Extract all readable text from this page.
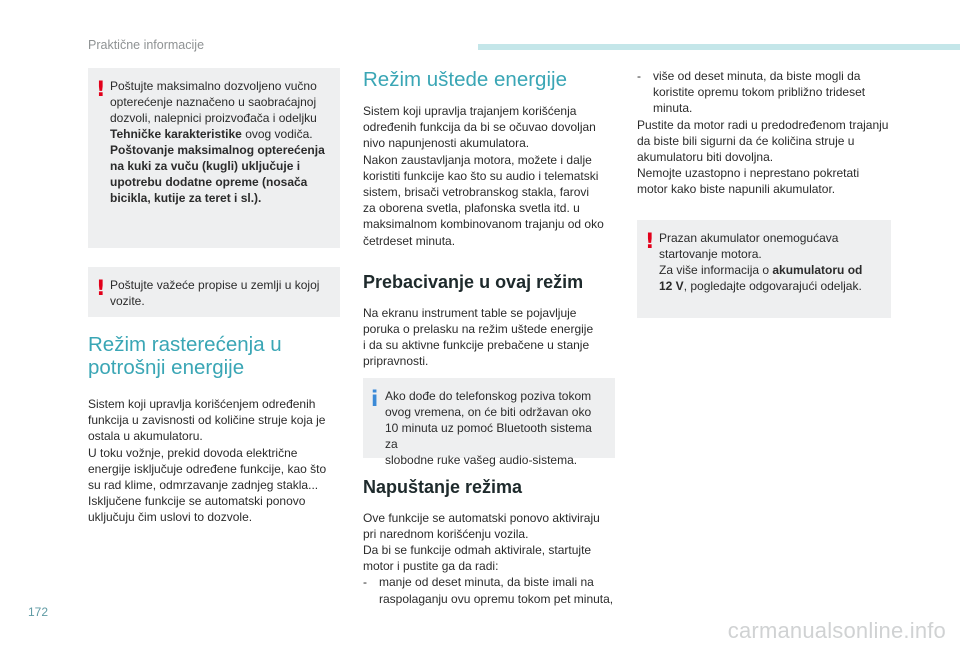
Praktične informacije
! Poštujte maksimalno dozvoljeno vučno

opterećenje naznačeno u saobraćajnoj

dozvoli, nalepnici proizvođača i odeljku

Tehničke karakteristike ovog vodiča.

Poštovanje maksimalnog opterećenja

na kuki za vuču (kugli) uključuje i

upotrebu dodatne opreme (nosača

bicikla, kutije za teret i sl.).

! Poštujte važeće propise u zemlji u kojoj

vozite.

Režim rasterećenja u
potrošnji energije

Sistem koji upravlja korišćenjem određenih

funkcija u zavisnosti od količine struje koja je

ostala u akumulatoru.

U toku vožnje, prekid dovoda električne

energije isključuje određene funkcije, kao što

su rad klime, odmrzavanje zadnjeg stakla...

Isključene funkcije se automatski ponovo

uključuju čim uslovi to dozvole.

Režim uštede energije

Sistem koji upravlja trajanjem korišćenja

određenih funkcija da bi se očuvao dovoljan

nivo napunjenosti akumulatora.

Nakon zaustavljanja motora, možete i dalje

koristiti funkcije kao što su audio i telematski

sistem, brisači vetrobranskog stakla, farovi

za oborena svetla, plafonska svetla itd. u

maksimalnom kombinovanom trajanju od oko

četrdeset minuta.

Prebacivanje u ovaj režim

Na ekranu instrument table se pojavljuje

poruka o prelasku na režim uštede energije

i da su aktivne funkcije prebačene u stanje

pripravnosti.

i Ako dođe do telefonskog poziva tokom

ovog vremena, on će biti održavan oko

10 minuta uz pomoć Bluetooth sistema za

slobodne ruke vašeg audio-sistema.

Napuštanje režima

Ove funkcije se automatski ponovo aktiviraju

pri narednom korišćenju vozila.

Da bi se funkcije odmah aktivirale, startujte

motor i pustite ga da radi:

- manje od deset minuta, da biste imali na
raspolaganju ovu opremu tokom pet minuta,
- više od deset minuta, da biste mogli da
koristite opremu tokom približno trideset
minuta.

Pustite da motor radi u predodređenom trajanju

da biste bili sigurni da će količina struje u

akumulatoru biti dovoljna.

Nemojte uzastopno i neprestano pokretati

motor kako biste napunili akumulator.

! Prazan akumulator onemogućava

startovanje motora.

Za više informacija o akumulatoru od

12 V, pogledajte odgovarajući odeljak.

172
carmanualsonline.info
